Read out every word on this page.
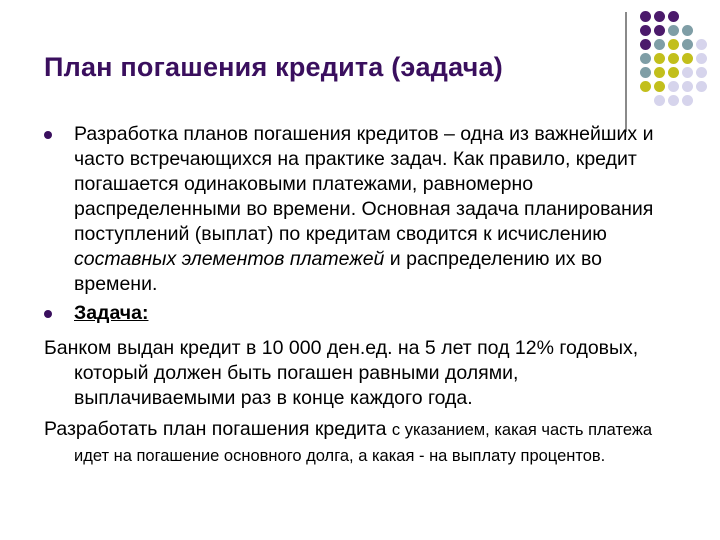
План погашения кредита (эадача)
Разработка планов погашения кредитов – одна из важнейших и часто встречающихся на практике задач. Как правило, кредит погашается одинаковыми платежами, равномерно распределенными во времени. Основная задача планирования поступлений (выплат) по кредитам сводится к исчислению составных элементов платежей и распределению их во времени.
Задача:
Банком выдан кредит в 10 000 ден.ед. на 5 лет под 12% годовых, который должен быть погашен равными долями, выплачиваемыми раз в конце каждого года.
Разработать план погашения кредита с указанием, какая часть платежа идет на погашение основного долга, а какая - на выплату процентов.
